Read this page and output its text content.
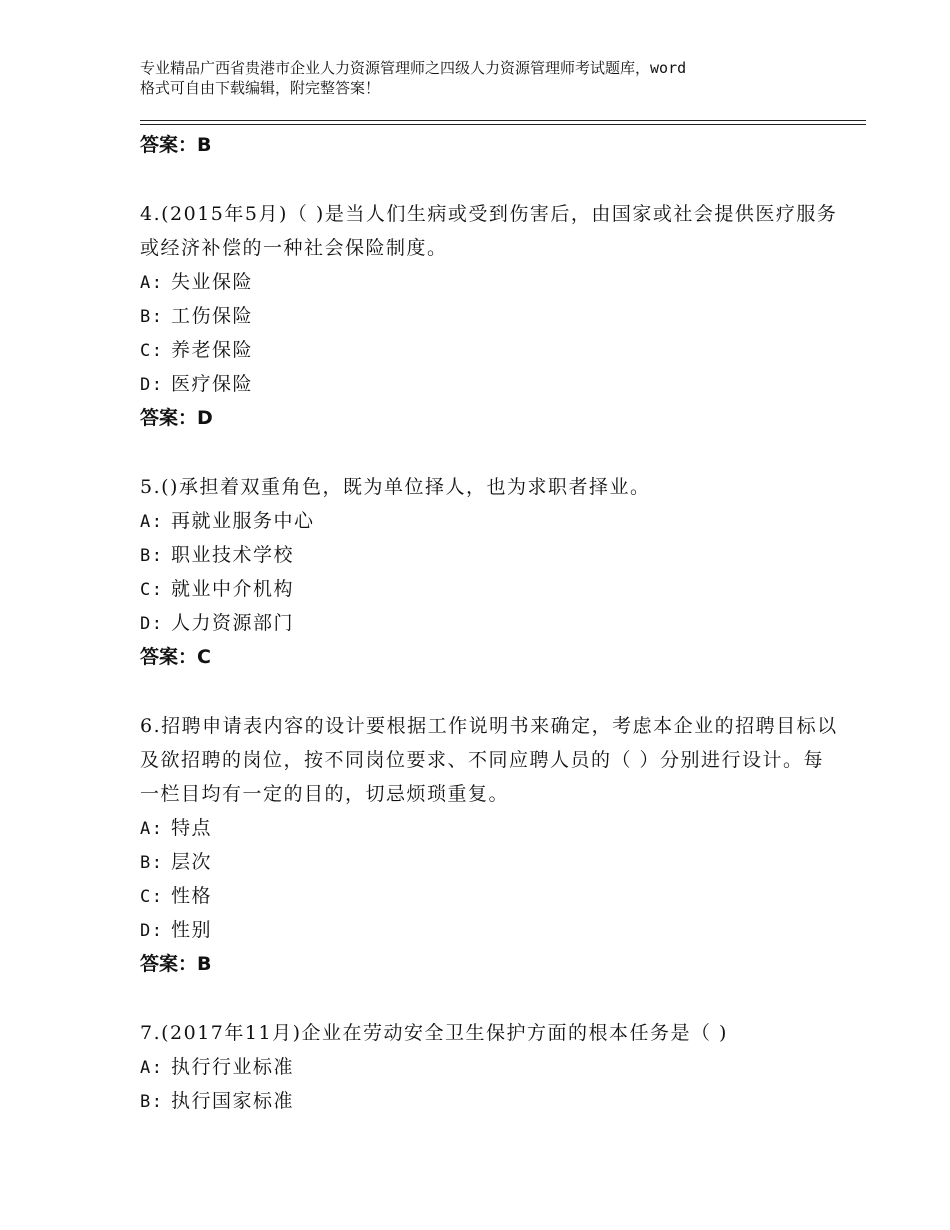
专业精品广西省贵港市企业人力资源管理师之四级人力资源管理师考试题库，word
格式可自由下载编辑，附完整答案！
答案：B
4.(2015年5月)（ )是当人们生病或受到伤害后，由国家或社会提供医疗服务或经济补偿的一种社会保险制度。
A: 失业保险
B: 工伤保险
C: 养老保险
D: 医疗保险
答案：D
5.()承担着双重角色，既为单位择人，也为求职者择业。
A: 再就业服务中心
B: 职业技术学校
C: 就业中介机构
D: 人力资源部门
答案：C
6.招聘申请表内容的设计要根据工作说明书来确定，考虑本企业的招聘目标以及欲招聘的岗位，按不同岗位要求、不同应聘人员的（ ）分别进行设计。每一栏目均有一定的目的，切忌烦琐重复。
A: 特点
B: 层次
C: 性格
D: 性别
答案：B
7.(2017年11月)企业在劳动安全卫生保护方面的根本任务是（ )
A: 执行行业标准
B: 执行国家标准
